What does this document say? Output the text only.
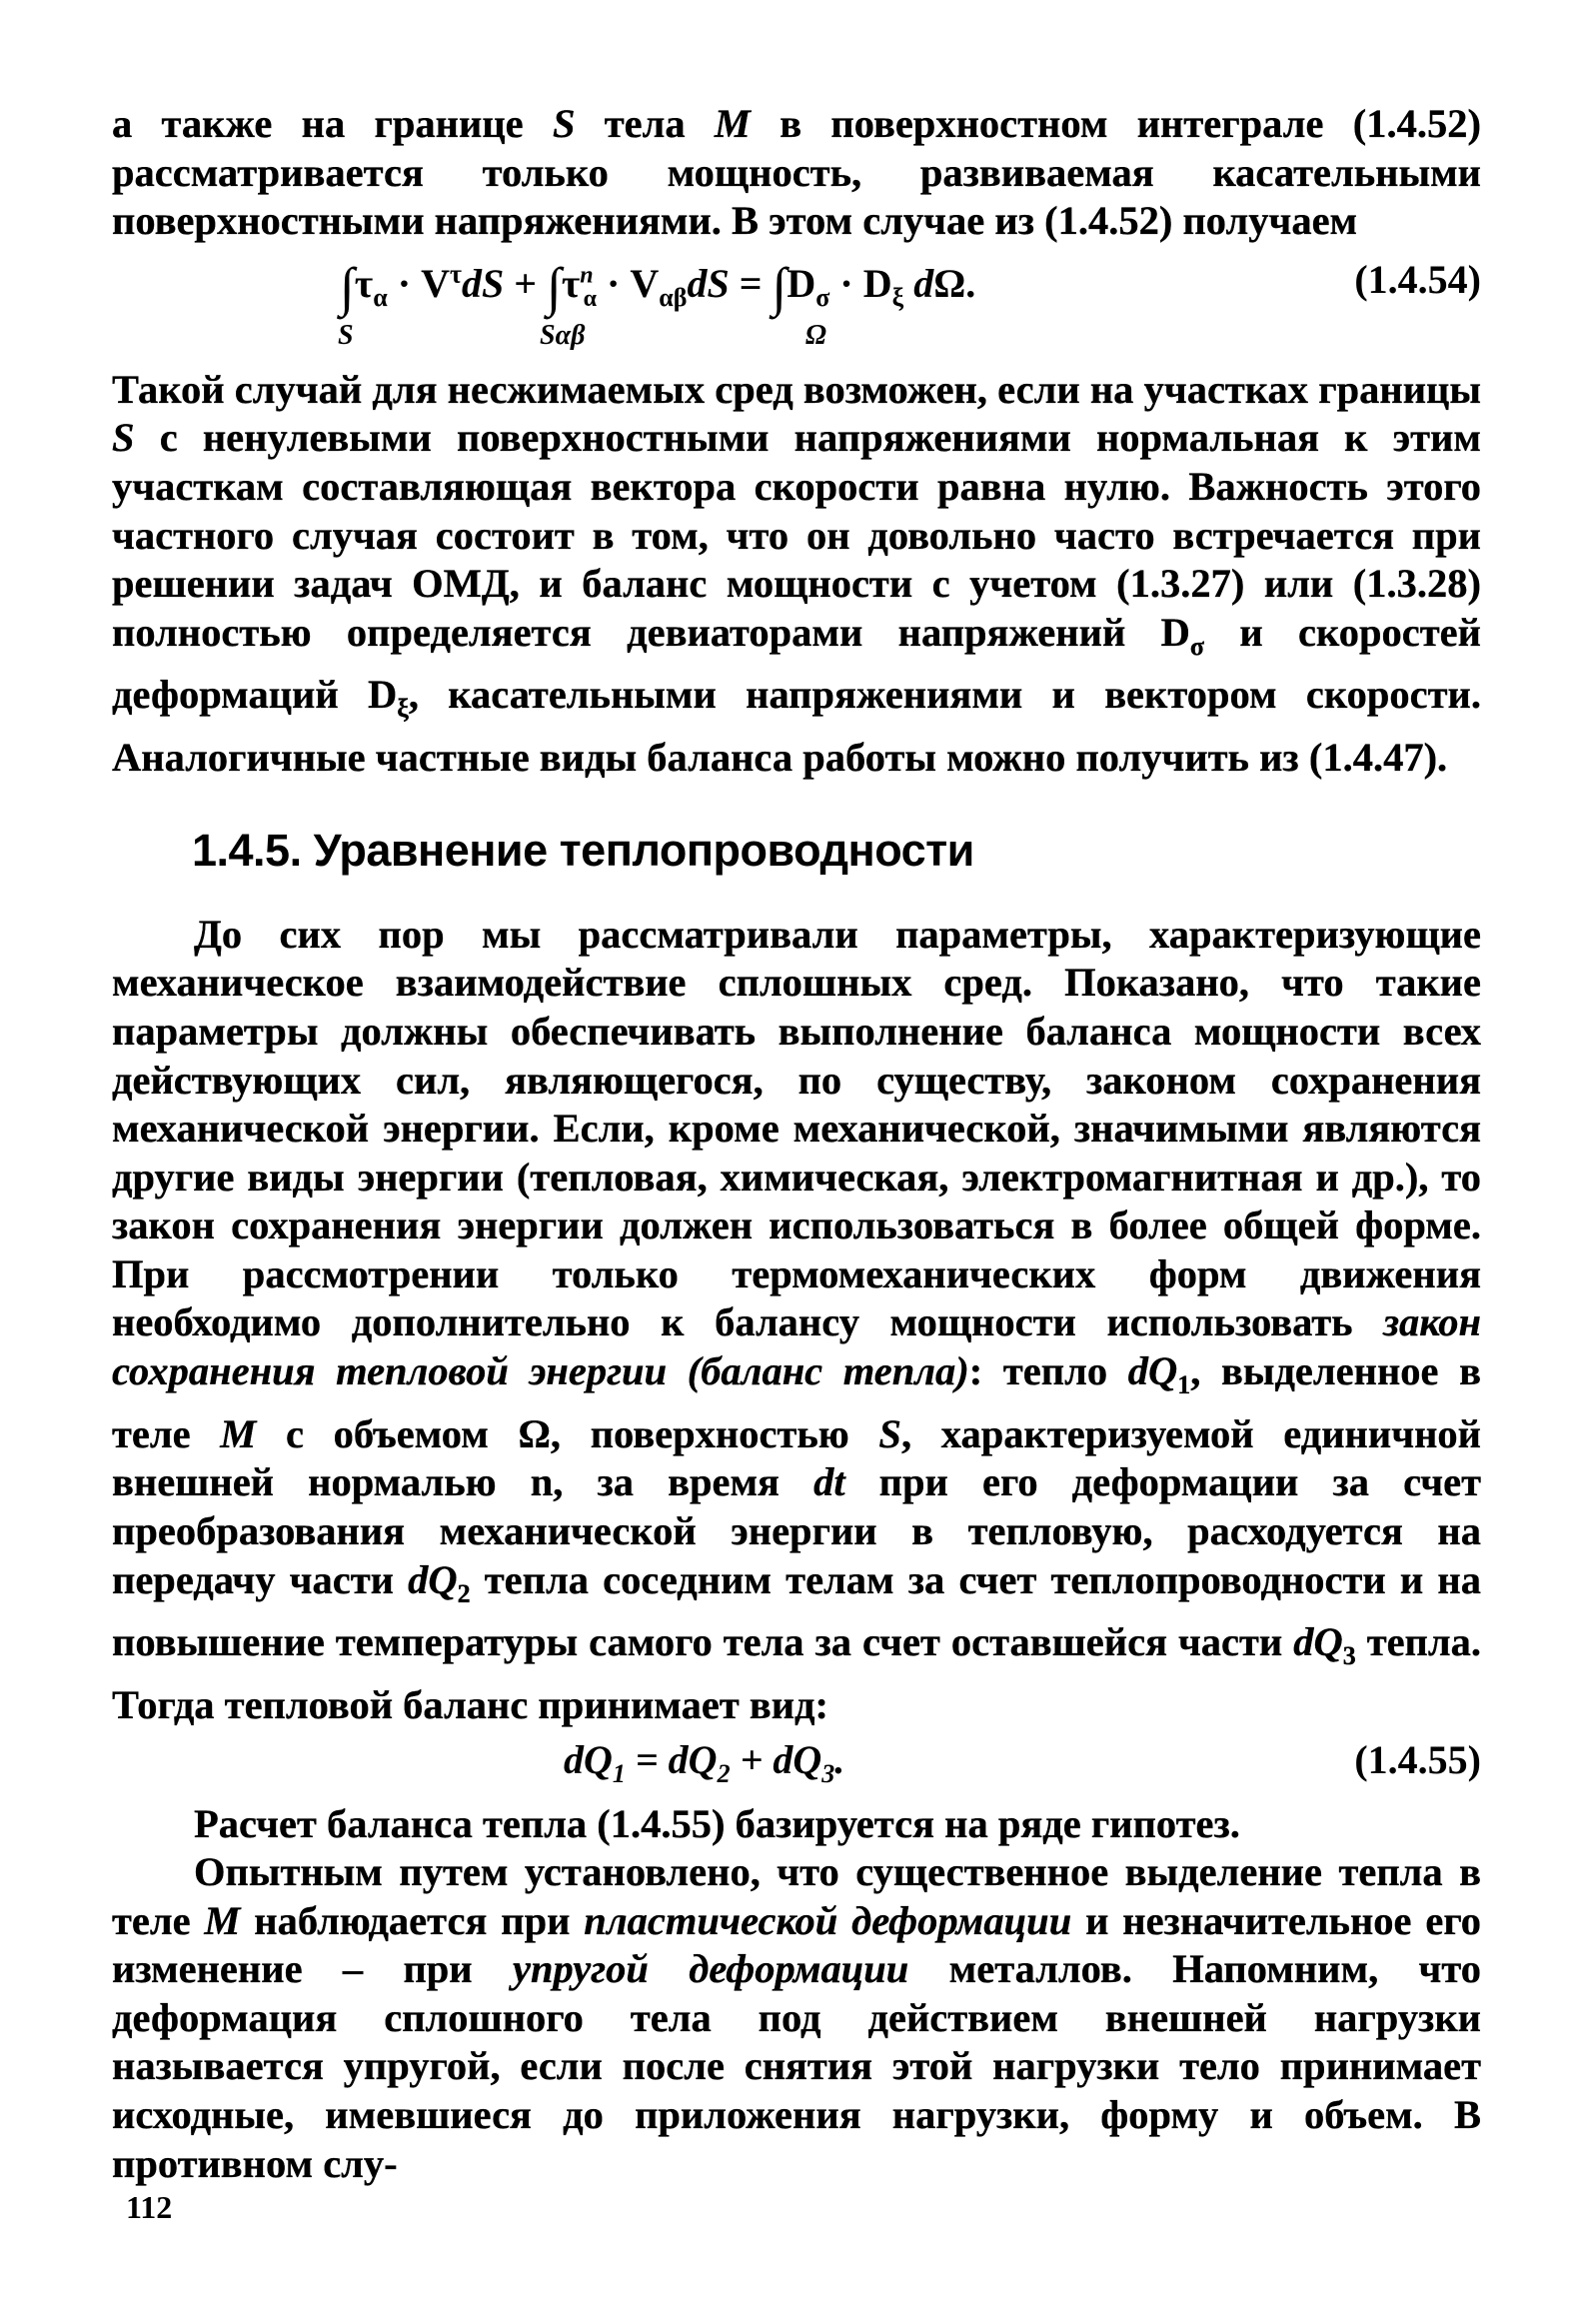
а также на границе S тела M в поверхностном интеграле (1.4.52) рассматривается только мощность, развиваемая касательными поверхностными напряжениями. В этом случае из (1.4.52) получаем

$\int\tau_\alpha \cdot V^\tau dS + \int\tau^n_\alpha \cdot V_{\alpha\beta}dS = \int D_\sigma \cdot D_\xi$ dΩ.
S	Sαβ	Ω
(1.4.54)

Такой случай для несжимаемых сред возможен, если на участках границы S с ненулевыми поверхностными напряжениями нормальная к этим участкам составляющая вектора скорости равна нулю. Важность этого частного случая состоит в том, что он довольно часто встречается при решении задач ОМД, и баланс мощности с учетом (1.3.27) или (1.3.28) полностью определяется девиаторами напряжений $D_\sigma$ и скоростей деформаций $D_\xi$, касательными напряжениями и вектором скорости. Аналогичные частные виды баланса работы можно получить из (1.4.47).

1.4.5. Уравнение теплопроводности

До сих пор мы рассматривали параметры, характеризующие механическое взаимодействие сплошных сред. Показано, что такие параметры должны обеспечивать выполнение баланса мощности всех действующих сил, являющегося, по существу, законом сохранения механической энергии. Если, кроме механической, значимыми являются другие виды энергии (тепловая, химическая, электромагнитная и др.), то закон сохранения энергии должен использоваться в более общей форме. При рассмотрении только термомеханических форм движения необходимо дополнительно к балансу мощности использовать закон сохранения тепловой энергии (баланс тепла): тепло $dQ_1$, выделенное в теле M с объемом Ω, поверхностью S, характеризуемой единичной внешней нормалью n, за время dt при его деформации за счет преобразования механической энергии в тепловую, расходуется на передачу части $dQ_2$ тепла соседним телам за счет теплопроводности и на повышение температуры самого тела за счет оставшейся части $dQ_3$ тепла. Тогда тепловой баланс принимает вид:

$dQ_1 = dQ_2 + dQ_3$.	(1.4.55)

Расчет баланса тепла (1.4.55) базируется на ряде гипотез.

Опытным путем установлено, что существенное выделение тепла в теле M наблюдается при пластической деформации и незначительное его изменение – при упругой деформации металлов. Напомним, что деформация сплошного тела под действием внешней нагрузки называется упругой, если после снятия этой нагрузки тело принимает исходные, имевшиеся до приложения нагрузки, форму и объем. В противном слу-

112
